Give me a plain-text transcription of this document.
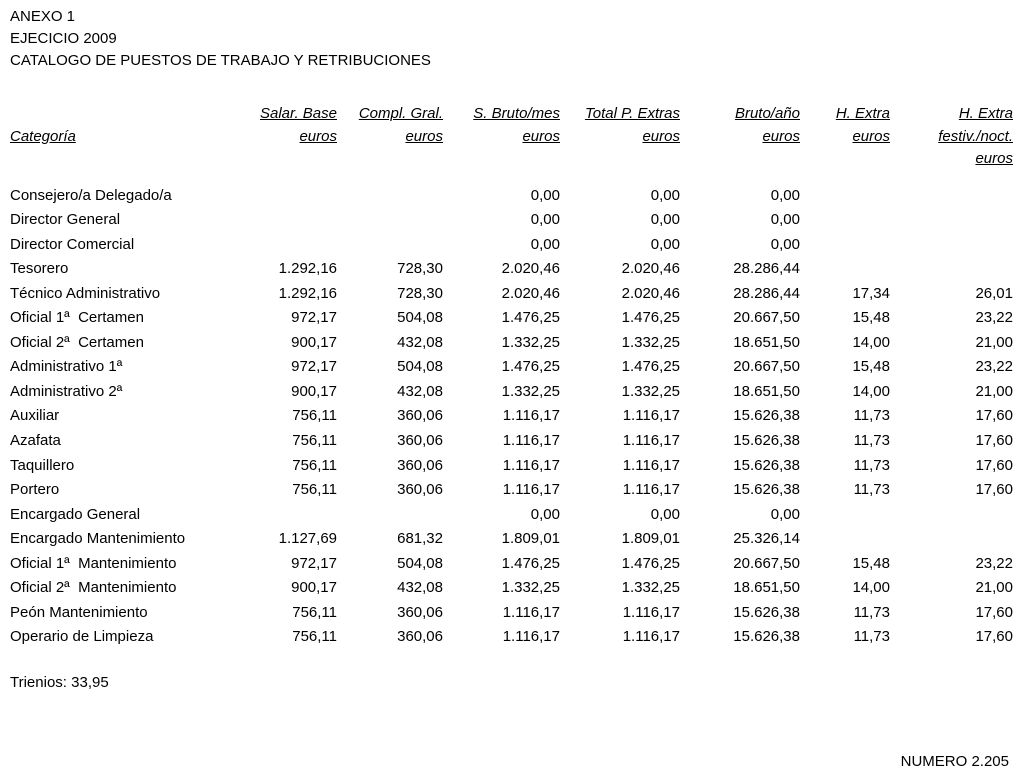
ANEXO 1
EJECICIO 2009
CATALOGO DE PUESTOS DE TRABAJO Y RETRIBUCIONES
	Salar. Base	Compl. Gral.	S. Bruto/mes	Total P. Extras	Bruto/año	H. Extra	H. Extra
Categoría	euros	euros	euros	euros	euros	euros	festiv./noct.
							euros
Consejero/a Delegado/a			0,00	0,00	0,00		
Director General			0,00	0,00	0,00		
Director Comercial			0,00	0,00	0,00		
Tesorero	1.292,16	728,30	2.020,46	2.020,46	28.286,44		
Técnico Administrativo	1.292,16	728,30	2.020,46	2.020,46	28.286,44	17,34	26,01
Oficial 1ª  Certamen	972,17	504,08	1.476,25	1.476,25	20.667,50	15,48	23,22
Oficial 2ª  Certamen	900,17	432,08	1.332,25	1.332,25	18.651,50	14,00	21,00
Administrativo 1ª	972,17	504,08	1.476,25	1.476,25	20.667,50	15,48	23,22
Administrativo 2ª	900,17	432,08	1.332,25	1.332,25	18.651,50	14,00	21,00
Auxiliar	756,11	360,06	1.116,17	1.116,17	15.626,38	11,73	17,60
Azafata	756,11	360,06	1.116,17	1.116,17	15.626,38	11,73	17,60
Taquillero	756,11	360,06	1.116,17	1.116,17	15.626,38	11,73	17,60
Portero	756,11	360,06	1.116,17	1.116,17	15.626,38	11,73	17,60
Encargado General			0,00	0,00	0,00		
Encargado Mantenimiento	1.127,69	681,32	1.809,01	1.809,01	25.326,14		
Oficial 1ª  Mantenimiento	972,17	504,08	1.476,25	1.476,25	20.667,50	15,48	23,22
Oficial 2ª  Mantenimiento	900,17	432,08	1.332,25	1.332,25	18.651,50	14,00	21,00
Peón Mantenimiento	756,11	360,06	1.116,17	1.116,17	15.626,38	11,73	17,60
Operario de Limpieza	756,11	360,06	1.116,17	1.116,17	15.626,38	11,73	17,60
Trienios: 33,95
NUMERO 2.205
